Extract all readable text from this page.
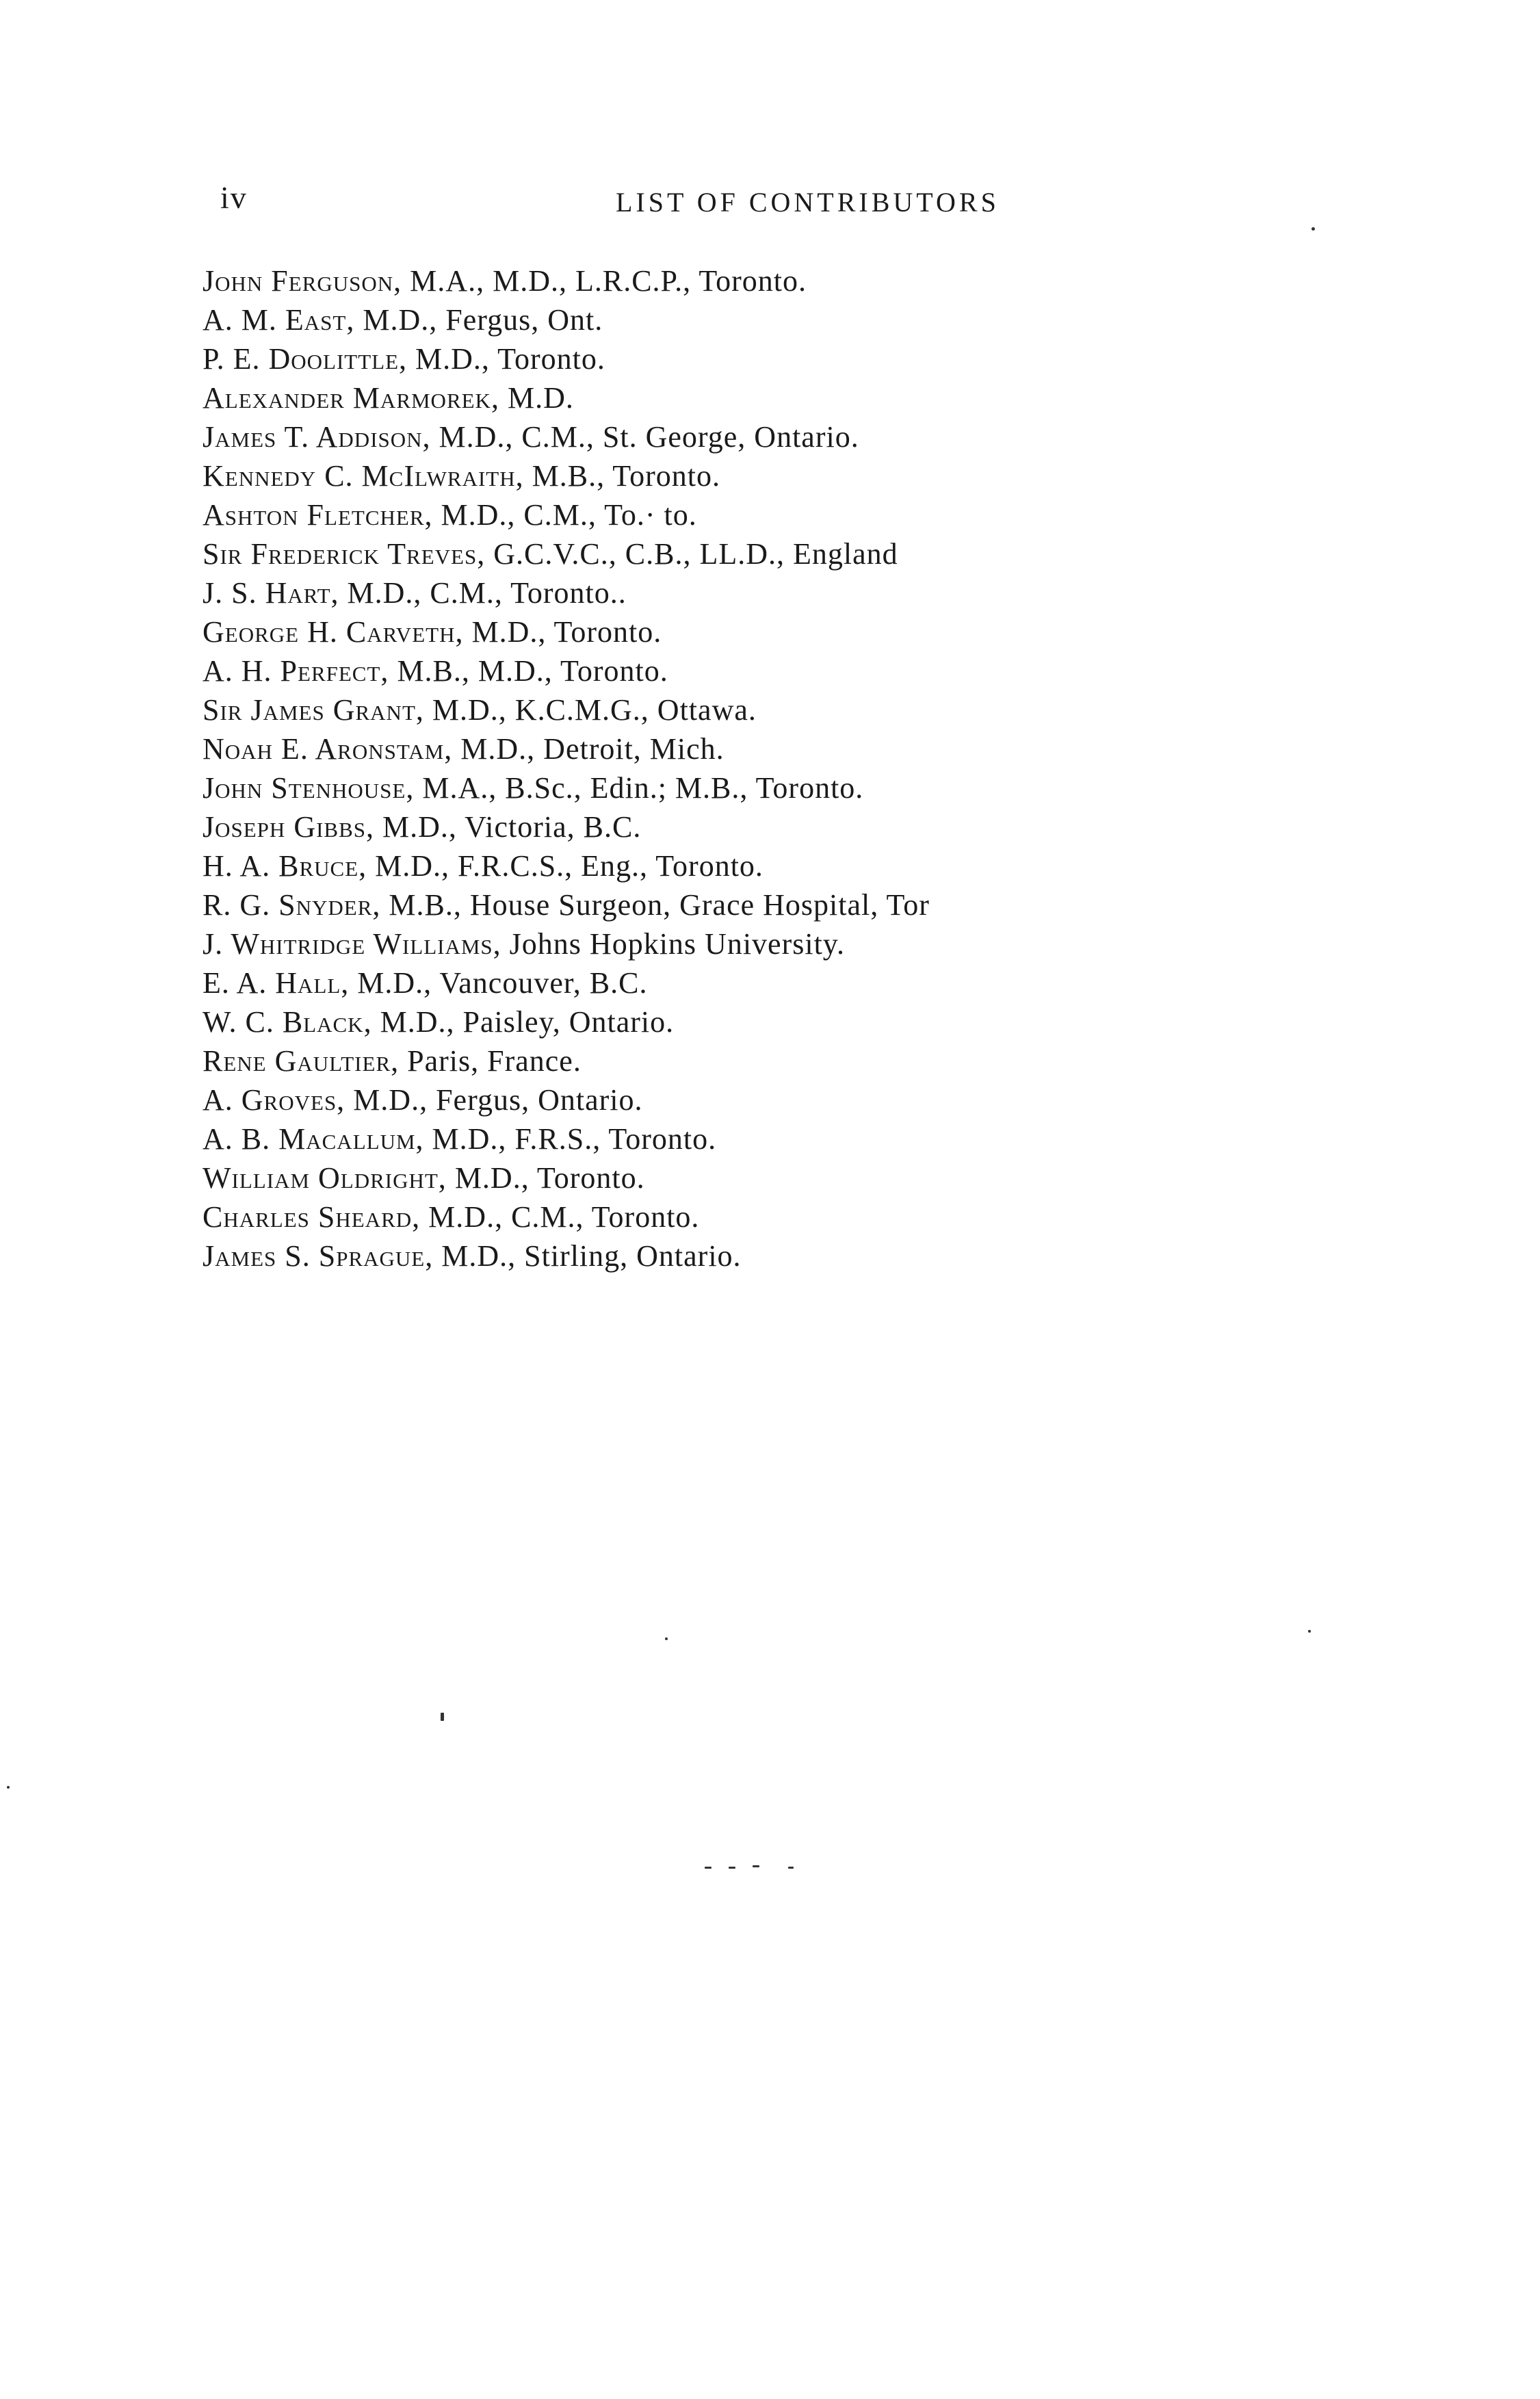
iv	LIST OF CONTRIBUTORS
John Ferguson, M.A., M.D., L.R.C.P., Toronto.
A. M. East, M.D., Fergus, Ont.
P. E. Doolittle, M.D., Toronto.
Alexander Marmorek, M.D.
James T. Addison, M.D., C.M., St. George, Ontario.
Kennedy C. McIlwraith, M.B., Toronto.
Ashton Fletcher, M.D., C.M., To.· to.
Sir Frederick Treves, G.C.V.C., C.B., LL.D., England
J. S. Hart, M.D., C.M., Toronto..
George H. Carveth, M.D., Toronto.
A. H. Perfect, M.B., M.D., Toronto.
Sir James Grant, M.D., K.C.M.G., Ottawa.
Noah E. Aronstam, M.D., Detroit, Mich.
John Stenhouse, M.A., B.Sc., Edin.; M.B., Toronto.
Joseph Gibbs, M.D., Victoria, B.C.
H. A. Bruce, M.D., F.R.C.S., Eng., Toronto.
R. G. Snyder, M.B., House Surgeon, Grace Hospital, Tor
J. Whitridge Williams, Johns Hopkins University.
E. A. Hall, M.D., Vancouver, B.C.
W. C. Black, M.D., Paisley, Ontario.
Rene Gaultier, Paris, France.
A. Groves, M.D., Fergus, Ontario.
A. B. Macallum, M.D., F.R.S., Toronto.
William Oldright, M.D., Toronto.
Charles Sheard, M.D., C.M., Toronto.
James S. Sprague, M.D., Stirling, Ontario.
